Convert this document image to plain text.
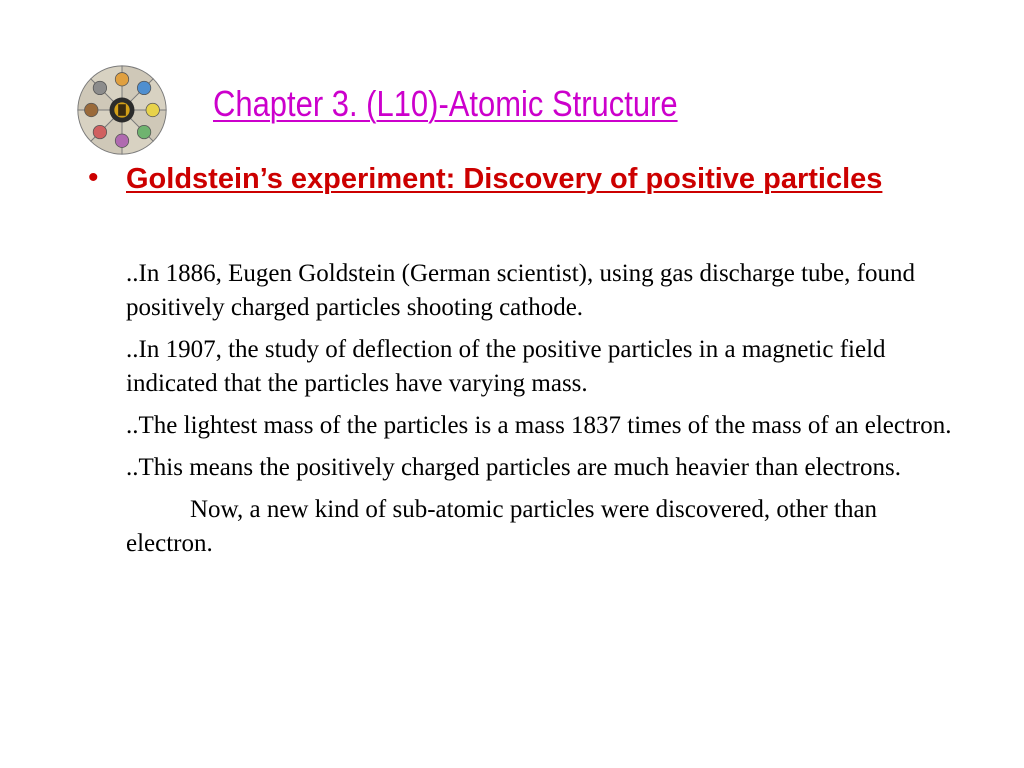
Chapter 3. (L10)-Atomic Structure
• Goldstein’s experiment: Discovery of positive particles

..In 1886, Eugen Goldstein (German scientist), using gas discharge tube, found positively charged particles shooting cathode.

..In 1907, the study of deflection of the positive particles in a magnetic field indicated that the particles have varying mass.

..The lightest mass of the particles is a mass 1837 times of the mass of an electron.

..This means the positively charged particles are much heavier than electrons.

Now, a new kind of sub-atomic particles were discovered, other than electron.
